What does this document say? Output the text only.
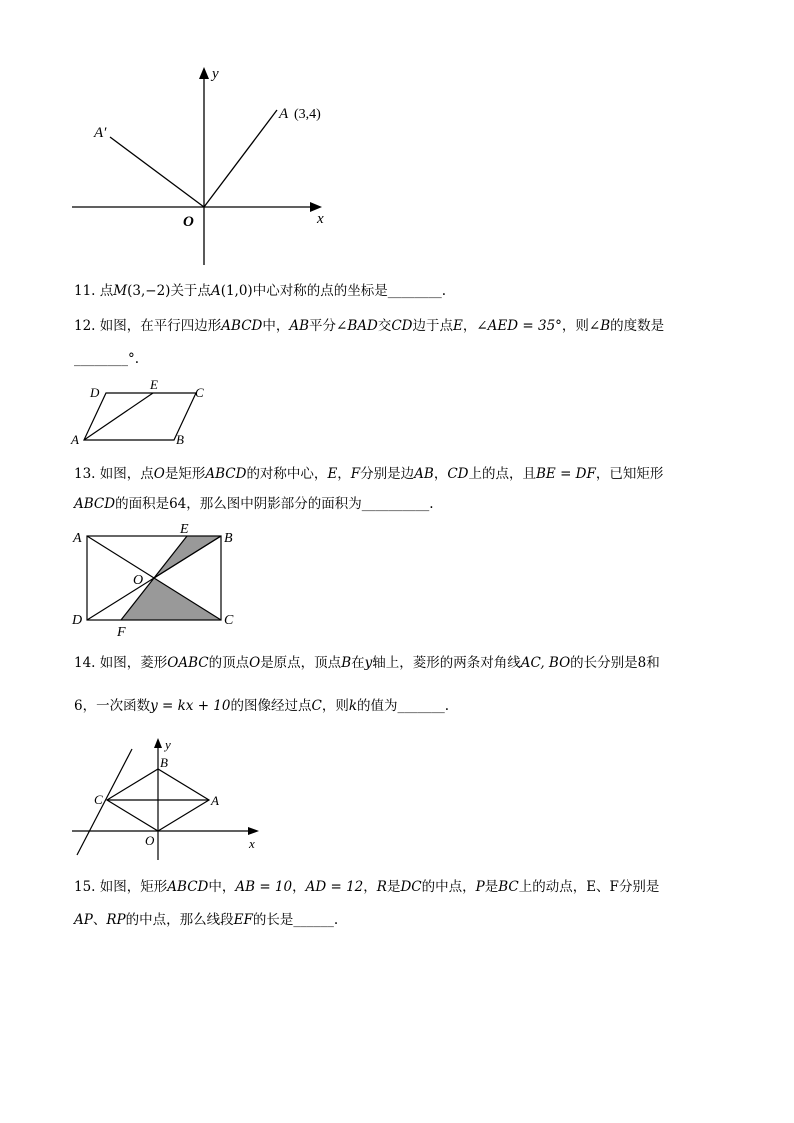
y
x
O
A (3,4)
A′
11. 点M(3,−2)关于点A(1,0)中心对称的点的坐标是________.
12. 如图，在平行四边形ABCD中，AB平分∠BAD交CD边于点E，∠AED = 35°，则∠B的度数是
________°.
A	B
C
D
E
13. 如图，点O是矩形ABCD的对称中心，E，F分别是边AB，CD上的点，且BE = DF，已知矩形
ABCD的面积是64，那么图中阴影部分的面积为__________.
A	B
C
D
E
F
O
14. 如图，菱形OABC的顶点O是原点，顶点B在y轴上，菱形的两条对角线AC, BO的长分别是8和
6，一次函数y = kx + 10的图像经过点C，则k的值为_______.
y
x
O
A
B
C
15. 如图，矩形ABCD中，AB = 10，AD = 12，R是DC的中点，P是BC上的动点，E、F分别是
AP、RP的中点，那么线段EF的长是______.
